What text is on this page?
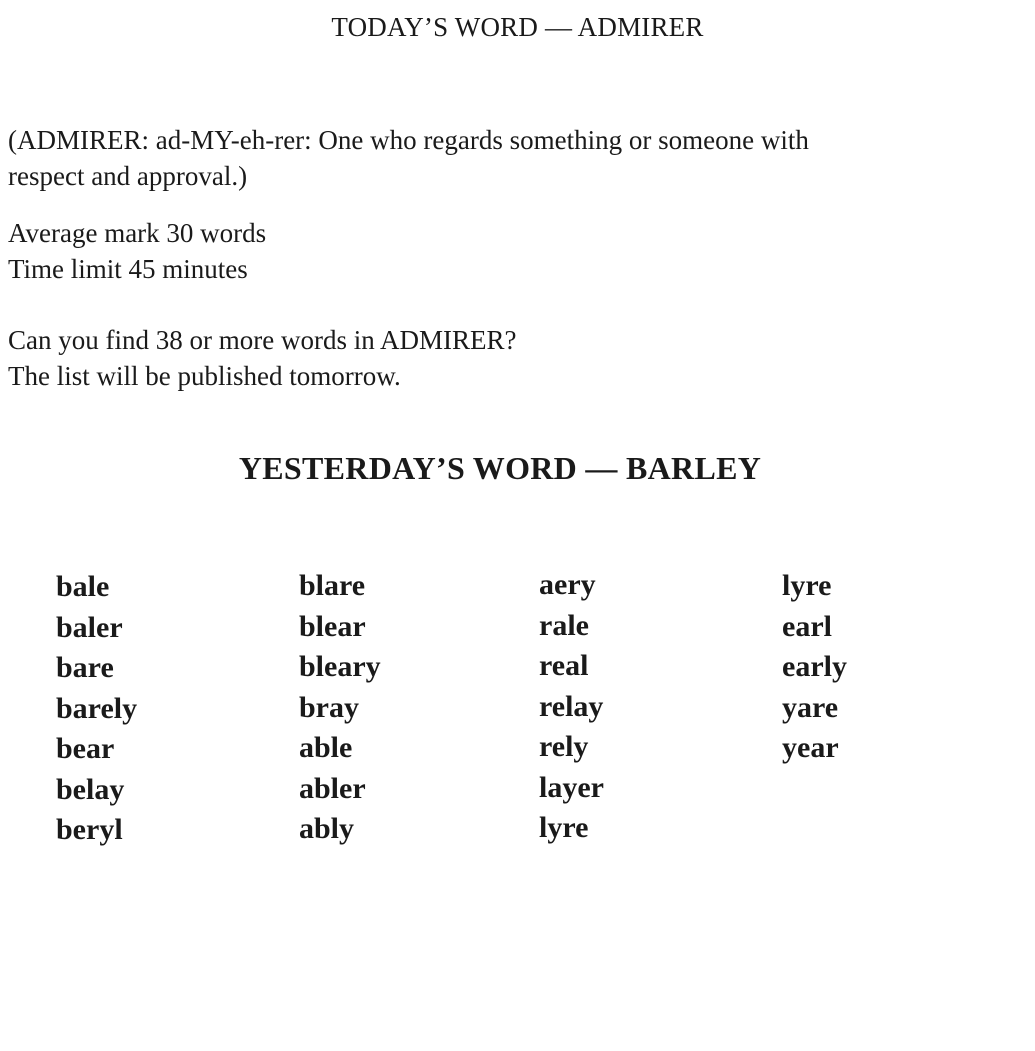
TODAY’S WORD — ADMIRER
(ADMIRER: ad-MY-eh-rer: One who regards something or someone with
respect and approval.)
Average mark 30 words
Time limit 45 minutes
Can you find 38 or more words in ADMIRER?
The list will be published tomorrow.
YESTERDAY’S WORD — BARLEY
bale
baler
bare
barely
bear
belay
beryl
blare
blear
bleary
bray
able
abler
ably
aery
rale
real
relay
rely
layer
lyre
lyre
earl
early
yare
year
